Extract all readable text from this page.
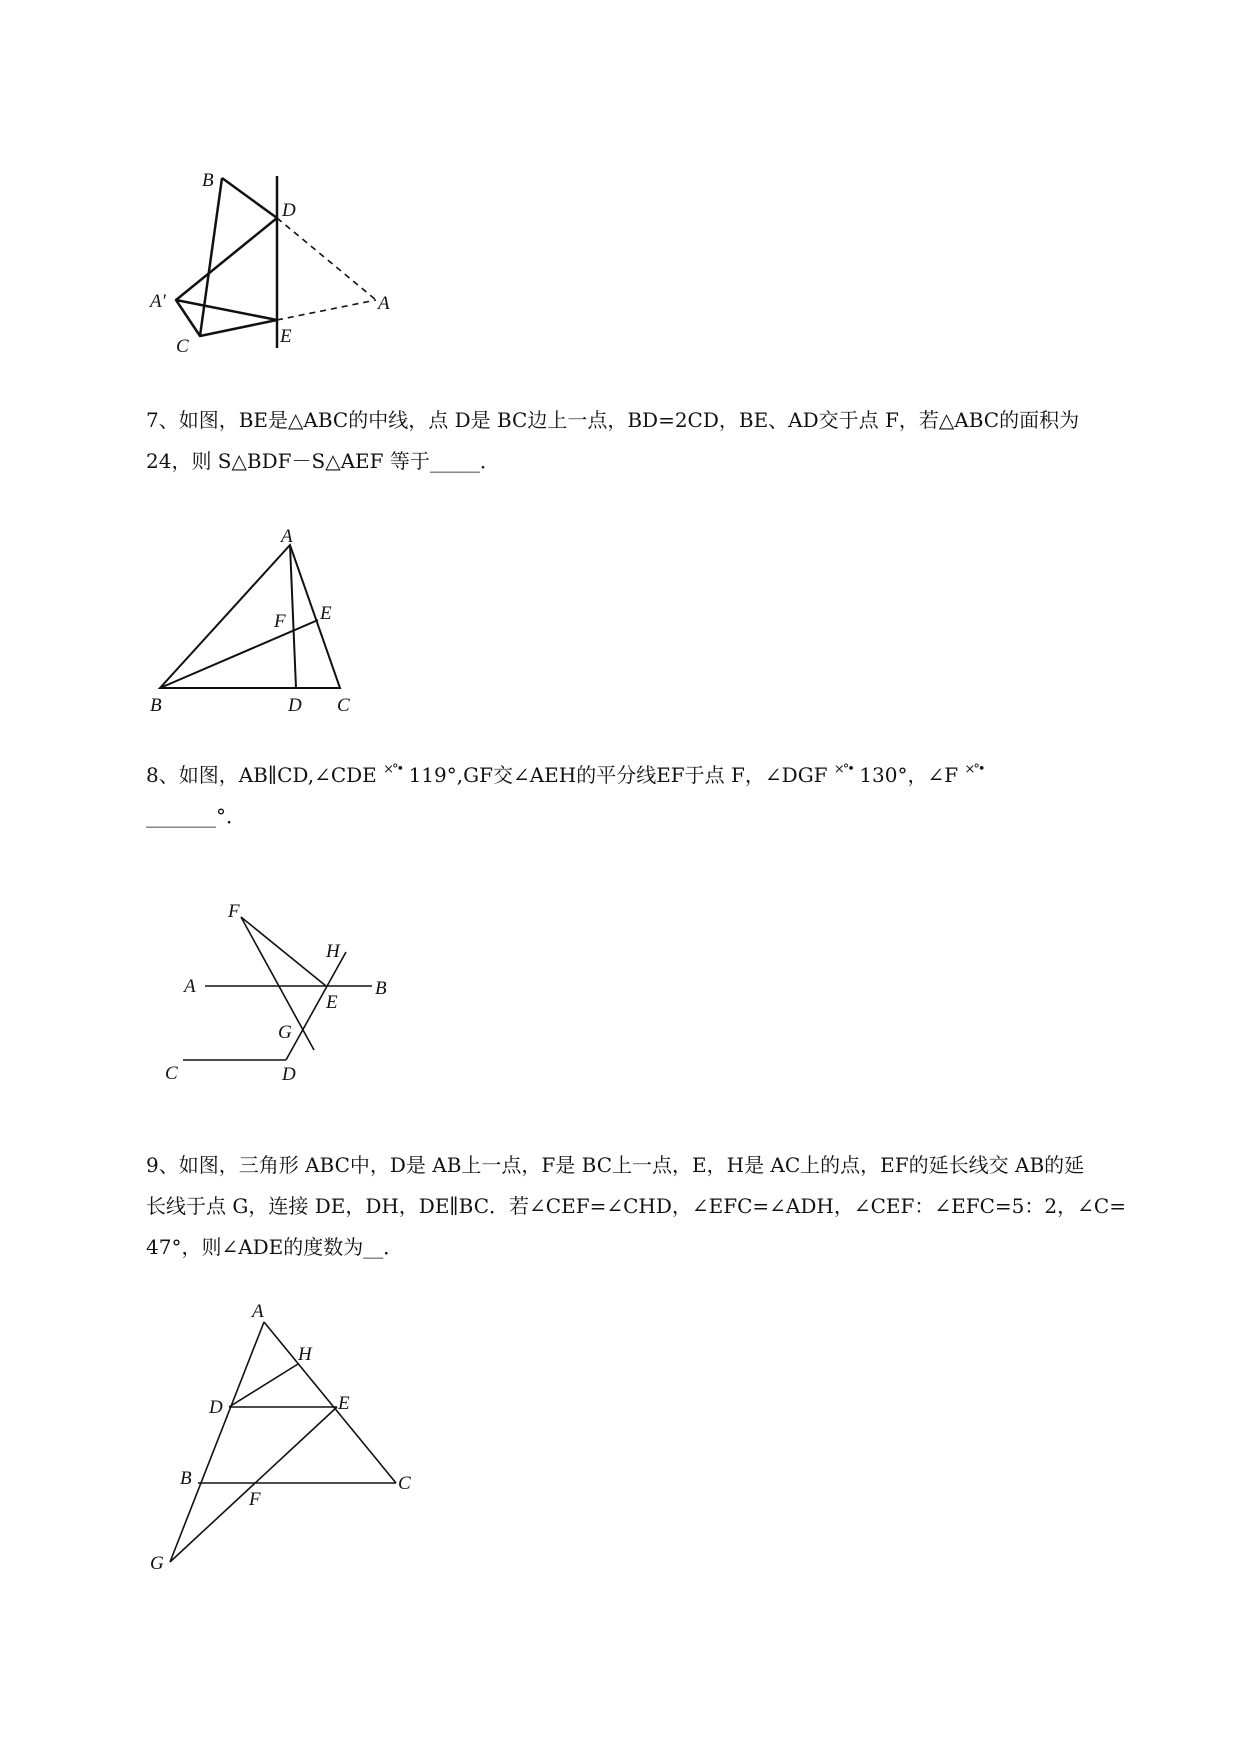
B
D
A′	A
C	E
7、如图，BE是△ABC的中线，点 D是 BC边上一点，BD=2CD，BE、AD交于点 F，若△ABC的面积为
24，则 S△BDF－S△AEF 等于_____．
A
F E
B	D C
8、如图，AB∥CD,∠CDE ×°• 119°,GF交∠AEH的平分线EF于点 F，∠DGF ×°• 130°，∠F ×°•
_______°．
F
H
A	B
E
G
C	D
9、如图，三角形 ABC中，D是 AB上一点，F是 BC上一点，E，H是 AC上的点，EF的延长线交 AB的延
长线于点 G，连接 DE，DH，DE∥BC．若∠CEF=∠CHD，∠EFC=∠ADH，∠CEF：∠EFC=5：2，∠C=
47°，则∠ADE的度数为__．
A
H
D	E
B	C
F
G
